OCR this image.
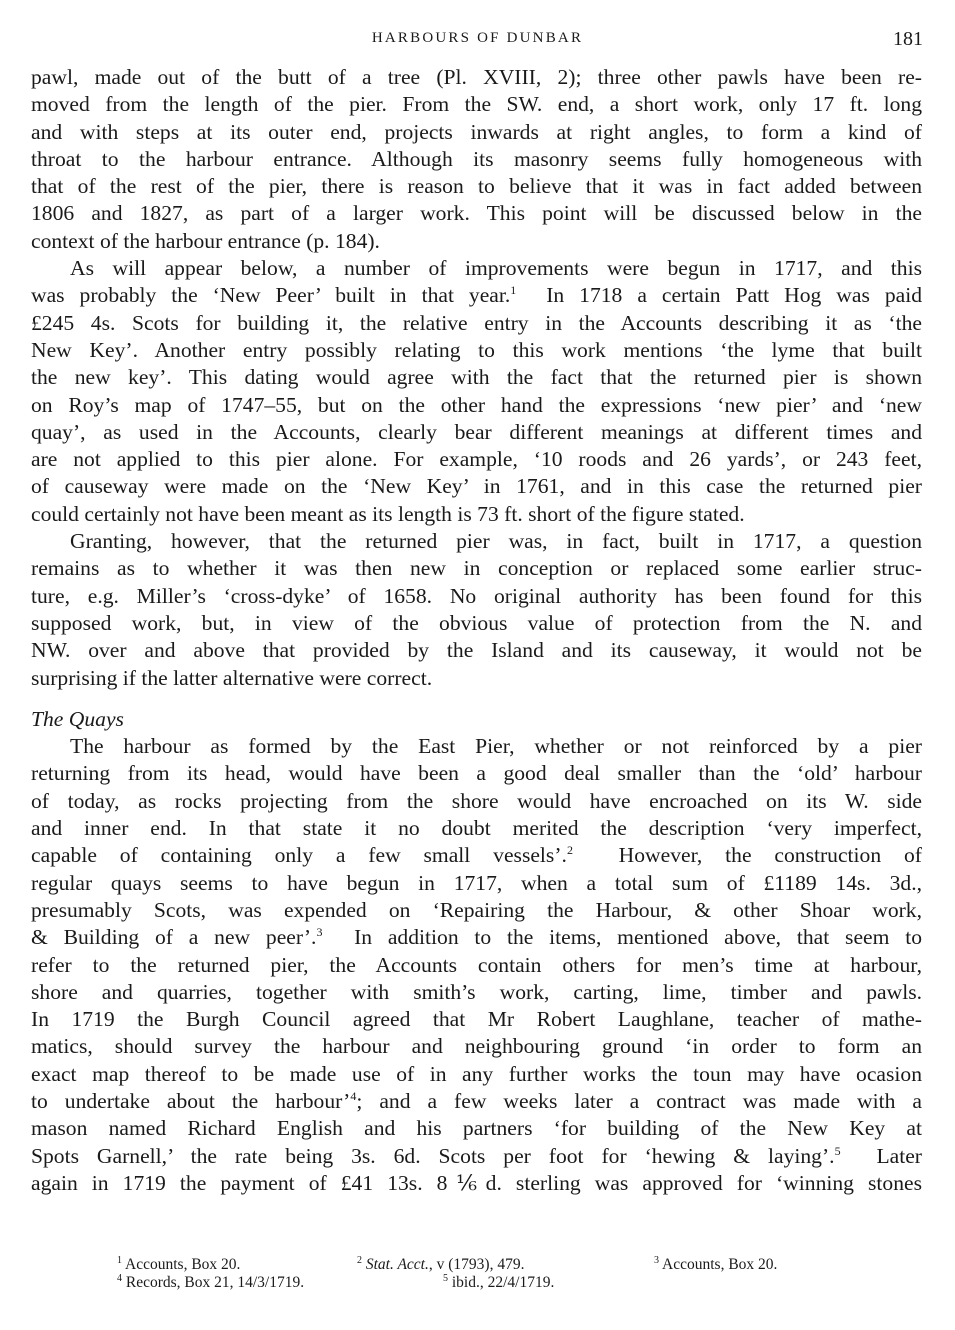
HARBOURS OF DUNBAR	181
pawl, made out of the butt of a tree (Pl. XVIII, 2); three other pawls have been re-
moved from the length of the pier. From the SW. end, a short work, only 17 ft. long
and with steps at its outer end, projects inwards at right angles, to form a kind of
throat to the harbour entrance. Although its masonry seems fully homogeneous with
that of the rest of the pier, there is reason to believe that it was in fact added between
1806 and 1827, as part of a larger work. This point will be discussed below in the
context of the harbour entrance (p. 184).
As will appear below, a number of improvements were begun in 1717, and this
was probably the ‘New Peer’ built in that year.$^1$ In 1718 a certain Patt Hog was paid
£245 4s. Scots for building it, the relative entry in the Accounts describing it as ‘the
New Key’. Another entry possibly relating to this work mentions ‘the lyme that built
the new key’. This dating would agree with the fact that the returned pier is shown
on Roy’s map of 1747–55, but on the other hand the expressions ‘new pier’ and ‘new
quay’, as used in the Accounts, clearly bear different meanings at different times and
are not applied to this pier alone. For example, ‘10 roods and 26 yards’, or 243 feet,
of causeway were made on the ‘New Key’ in 1761, and in this case the returned pier
could certainly not have been meant as its length is 73 ft. short of the figure stated.
Granting, however, that the returned pier was, in fact, built in 1717, a question
remains as to whether it was then new in conception or replaced some earlier struc-
ture, e.g. Miller’s ‘cross-dyke’ of 1658. No original authority has been found for this
supposed work, but, in view of the obvious value of protection from the N. and
NW. over and above that provided by the Island and its causeway, it would not be
surprising if the latter alternative were correct.
The Quays
The harbour as formed by the East Pier, whether or not reinforced by a pier
returning from its head, would have been a good deal smaller than the ‘old’ harbour
of today, as rocks projecting from the shore would have encroached on its W. side
and inner end. In that state it no doubt merited the description ‘very imperfect,
capable of containing only a few small vessels’.$^2$ However, the construction of
regular quays seems to have begun in 1717, when a total sum of £1189 14s. 3d.,
presumably Scots, was expended on ‘Repairing the Harbour, & other Shoar work,
& Building of a new peer’.$^3$ In addition to the items, mentioned above, that seem to
refer to the returned pier, the Accounts contain others for men’s time at harbour,
shore and quarries, together with smith’s work, carting, lime, timber and pawls.
In 1719 the Burgh Council agreed that Mr Robert Laughlane, teacher of mathe-
matics, should survey the harbour and neighbouring ground ‘in order to form an
exact map thereof to be made use of in any further works the toun may have ocasion
to undertake about the harbour’$^4$; and a few weeks later a contract was made with a
mason named Richard English and his partners ‘for building of the New Key at
Spots Garnell,’ the rate being 3s. 6d. Scots per foot for ‘hewing & laying’.$^5$ Later
again in 1719 the payment of £41 13s. 8⅙d. sterling was approved for ‘winning stones
$^1$ Accounts, Box 20.	$^2$ Stat. Acct., v (1793), 479.	$^3$ Accounts, Box 20.
$^4$ Records, Box 21, 14/3/1719.	$^5$ ibid., 22/4/1719.
